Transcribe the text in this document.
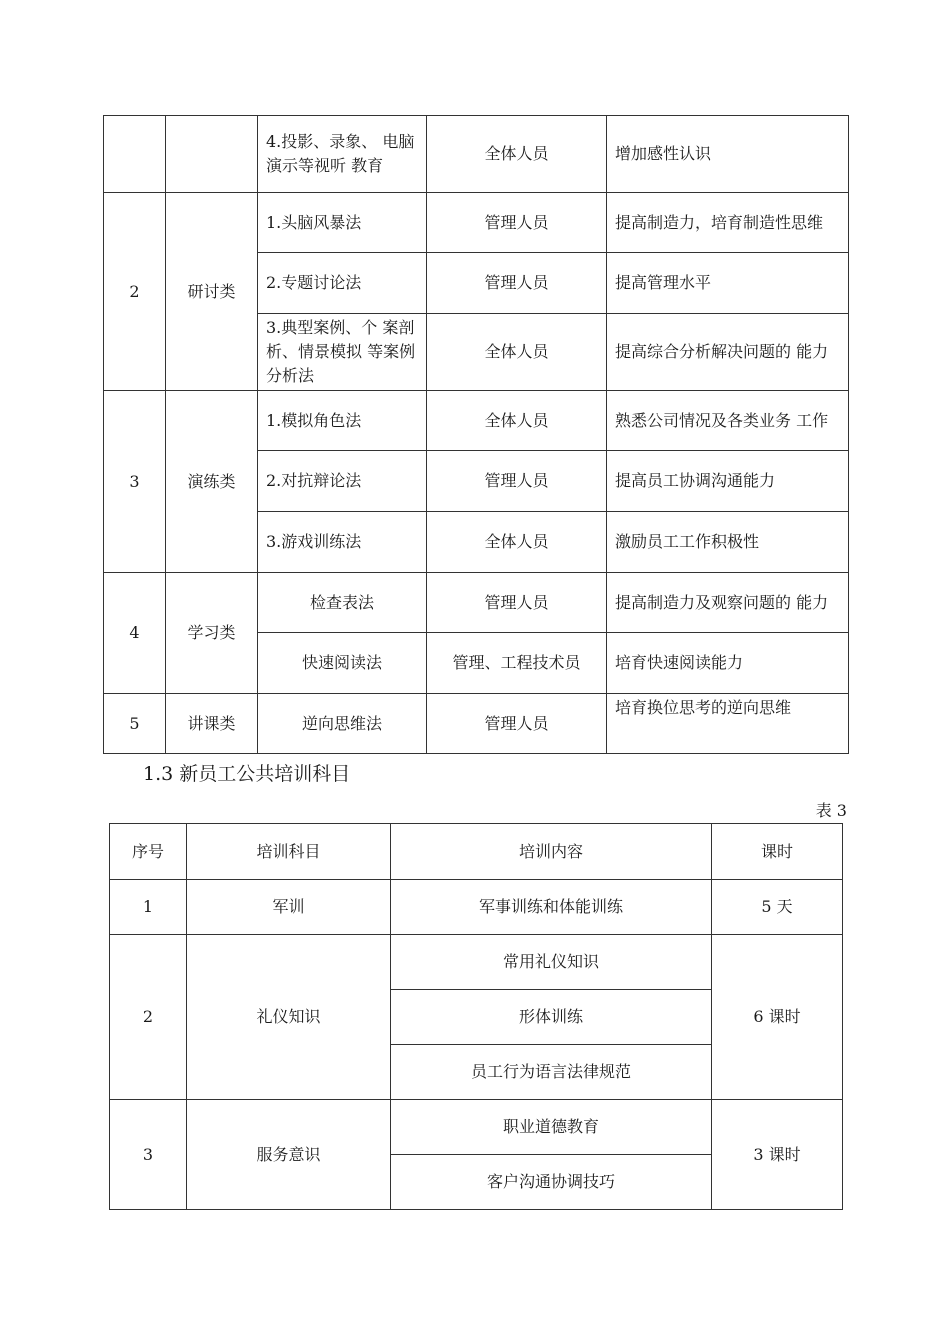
		4.投影、录象、 电脑演示等视听 教育	全体人员	增加感性认识
2	研讨类	1.头脑风暴法	管理人员	提高制造力，培育制造性思维
		2.专题讨论法	管理人员	提高管理水平
		3.典型案例、个 案剖析、情景模拟 等案例分析法	全体人员	提高综合分析解决问题的 能力
3	演练类	1.模拟角色法	全体人员	熟悉公司情况及各类业务 工作
		2.对抗辩论法	管理人员	提高员工协调沟通能力
		3.游戏训练法	全体人员	激励员工工作积极性
4	学习类	检查表法	管理人员	提高制造力及观察问题的 能力
		快速阅读法	管理、工程技术员	培育快速阅读能力
5	讲课类	逆向思维法	管理人员	培育换位思考的逆向思维
1.3 新员工公共培训科目
表 3
序号	培训科目	培训内容	课时
1	军训	军事训练和体能训练	5 天
2	礼仪知识	常用礼仪知识	6 课时
		形体训练	
		员工行为语言法律规范	
3	服务意识	职业道德教育	3 课时
		客户沟通协调技巧	
